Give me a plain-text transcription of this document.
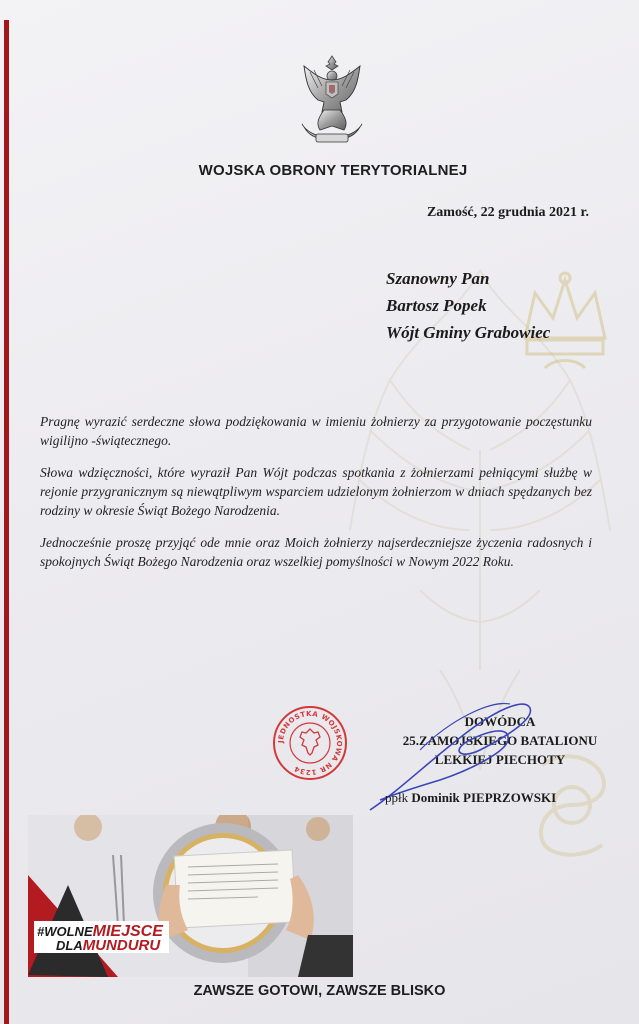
WOJSKA OBRONY TERYTORIALNEJ
Zamość, 22 grudnia 2021 r.
Szanowny Pan
Bartosz Popek
Wójt Gminy Grabowiec

Pragnę wyrazić serdeczne słowa podziękowania w imieniu żołnierzy za przygotowanie poczęstunku wigilijno -świątecznego.

Słowa wdzięczności, które wyraził Pan Wójt podczas spotkania z żołnierzami pełniącymi służbę w rejonie przygranicznym są niewątpliwym wsparciem udzielonym żołnierzom w dniach spędzanych bez rodziny w okresie Świąt Bożego Narodzenia.

Jednocześnie proszę przyjąć ode mnie oraz Moich żołnierzy najserdeczniejsze życzenia radosnych i spokojnych Świąt Bożego Narodzenia oraz wszelkiej pomyślności w Nowym 2022 Roku.

JEDNOSTKA WOJSKOWA NR 1234
DOWÓDCA
25.ZAMOJSKIEGO BATALIONU
LEKKIEJ PIECHOTY
ppłk Dominik PIEPRZOWSKI
#WOLNEMIEJSCE
DLAMUNDURU
ZAWSZE GOTOWI, ZAWSZE BLISKO
